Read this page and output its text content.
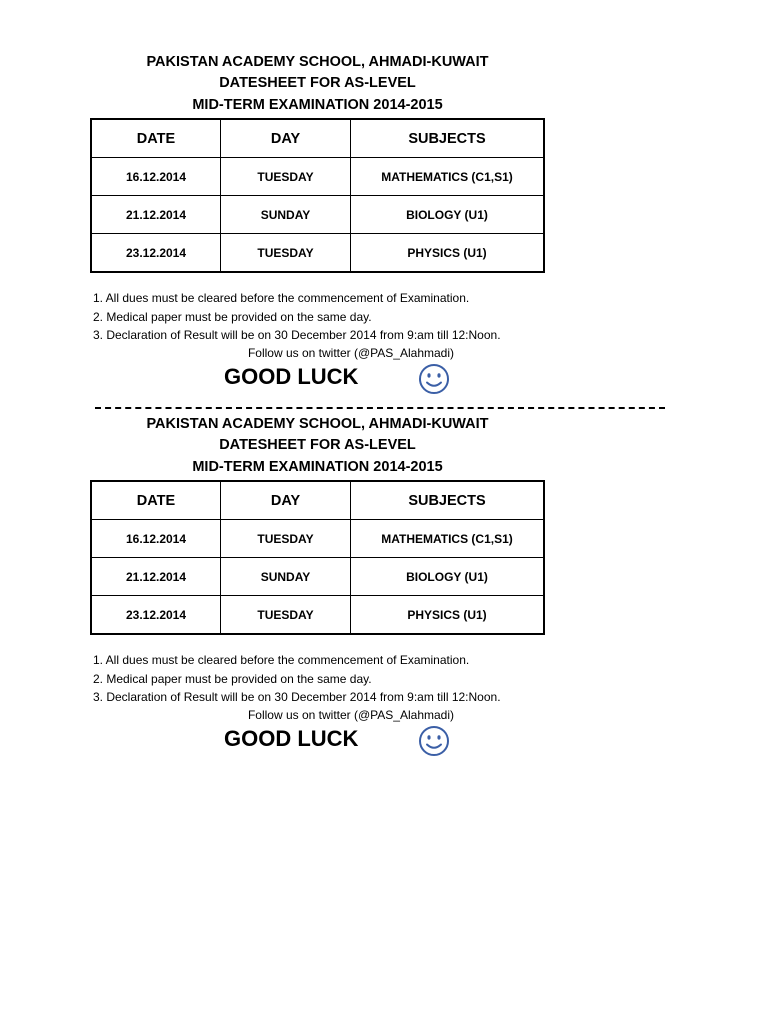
PAKISTAN ACADEMY SCHOOL, AHMADI-KUWAIT
DATESHEET FOR AS-LEVEL
MID-TERM EXAMINATION 2014-2015
DATE	DAY	SUBJECTS
16.12.2014	TUESDAY	MATHEMATICS (C1,S1)
21.12.2014	SUNDAY	BIOLOGY (U1)
23.12.2014	TUESDAY	PHYSICS (U1)
1. All dues must be cleared before the commencement of Examination.
2. Medical paper must be provided on the same day.
3. Declaration of Result will be on 30 December 2014 from 9:am till 12:Noon.
Follow us on twitter (@PAS_Alahmadi)
GOOD LUCK
PAKISTAN ACADEMY SCHOOL, AHMADI-KUWAIT
DATESHEET FOR AS-LEVEL
MID-TERM EXAMINATION 2014-2015
DATE	DAY	SUBJECTS
16.12.2014	TUESDAY	MATHEMATICS (C1,S1)
21.12.2014	SUNDAY	BIOLOGY (U1)
23.12.2014	TUESDAY	PHYSICS (U1)
1. All dues must be cleared before the commencement of Examination.
2. Medical paper must be provided on the same day.
3. Declaration of Result will be on 30 December 2014 from 9:am till 12:Noon.
Follow us on twitter (@PAS_Alahmadi)
GOOD LUCK
